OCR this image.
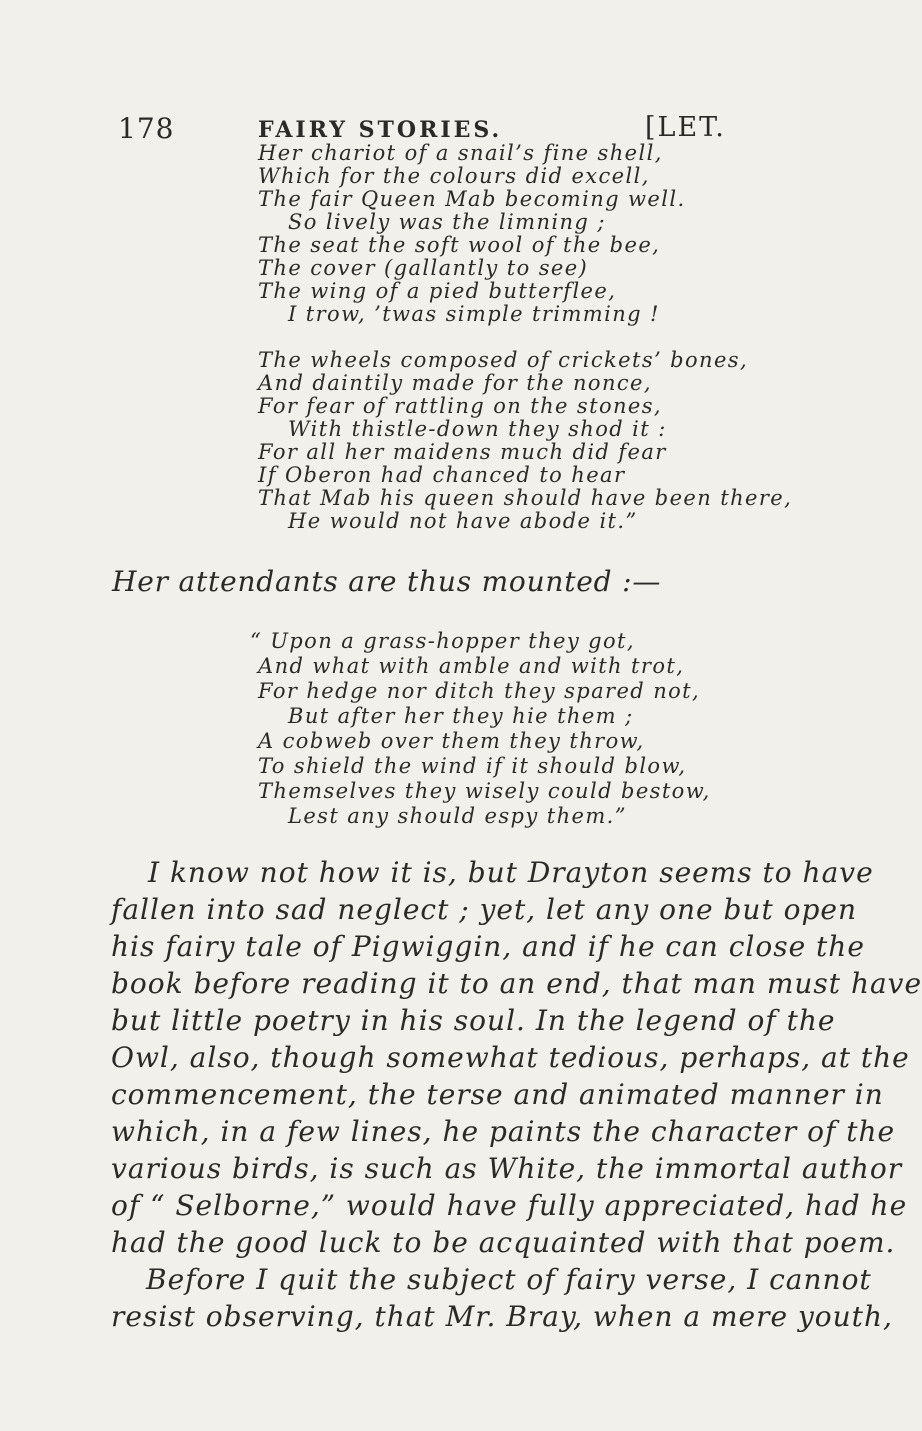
178	FAIRY STORIES.	[LET.
Her chariot of a snail’s fine shell,
Which for the colours did excell,
The fair Queen Mab becoming well.
So lively was the limning ;
The seat the soft wool of the bee,
The cover (gallantly to see)
The wing of a pied butterflee,
I trow, ’twas simple trimming !
The wheels composed of crickets’ bones,
And daintily made for the nonce,
For fear of rattling on the stones,
With thistle-down they shod it :
For all her maidens much did fear
If Oberon had chanced to hear
That Mab his queen should have been there,
He would not have abode it.”
Her attendants are thus mounted :—
“ Upon a grass-hopper they got,
And what with amble and with trot,
For hedge nor ditch they spared not,
But after her they hie them ;
A cobweb over them they throw,
To shield the wind if it should blow,
Themselves they wisely could bestow,
Lest any should espy them.”
I know not how it is, but Drayton seems to have
fallen into sad neglect ; yet, let any one but open
his fairy tale of Pigwiggin, and if he can close the
book before reading it to an end, that man must have
but little poetry in his soul. In the legend of the
Owl, also, though somewhat tedious, perhaps, at the
commencement, the terse and animated manner in
which, in a few lines, he paints the character of the
various birds, is such as White, the immortal author
of “ Selborne,” would have fully appreciated, had he
had the good luck to be acquainted with that poem.
Before I quit the subject of fairy verse, I cannot
resist observing, that Mr. Bray, when a mere youth,
